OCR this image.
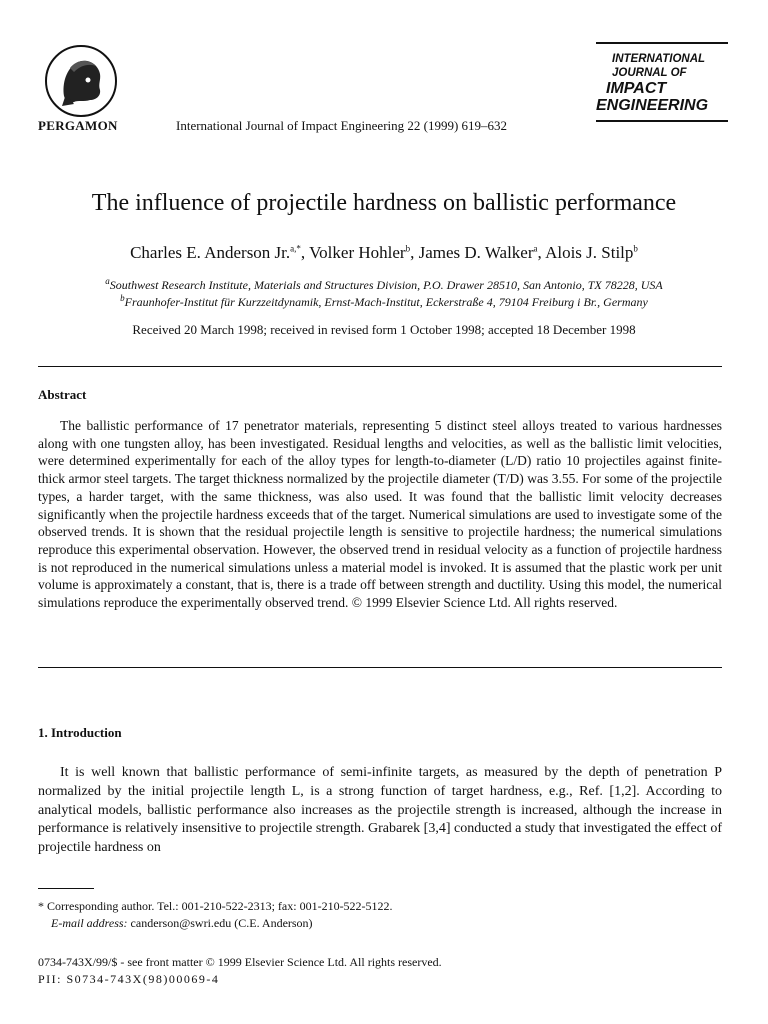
PERGAMON	International Journal of Impact Engineering 22 (1999) 619–632
INTERNATIONAL
JOURNAL OF
IMPACT
ENGINEERING
The influence of projectile hardness on ballistic performance
Charles E. Anderson Jr.$^{a,*}$, Volker Hohler$^b$, James D. Walker$^a$, Alois J. Stilp$^b$
$^a$Southwest Research Institute, Materials and Structures Division, P.O. Drawer 28510, San Antonio, TX 78228, USA
$^b$Fraunhofer-Institut für Kurzzeitdynamik, Ernst-Mach-Institut, Eckerstraße 4, 79104 Freiburg i Br., Germany
Received 20 March 1998; received in revised form 1 October 1998; accepted 18 December 1998
Abstract
The ballistic performance of 17 penetrator materials, representing 5 distinct steel alloys treated to various hardnesses along with one tungsten alloy, has been investigated. Residual lengths and velocities, as well as the ballistic limit velocities, were determined experimentally for each of the alloy types for length-to-diameter (L/D) ratio 10 projectiles against finite-thick armor steel targets. The target thickness normalized by the projectile diameter (T/D) was 3.55. For some of the projectile types, a harder target, with the same thickness, was also used. It was found that the ballistic limit velocity decreases significantly when the projectile hardness exceeds that of the target. Numerical simulations are used to investigate some of the observed trends. It is shown that the residual projectile length is sensitive to projectile hardness; the numerical simulations reproduce this experimental observation. However, the observed trend in residual velocity as a function of projectile hardness is not reproduced in the numerical simulations unless a material model is invoked. It is assumed that the plastic work per unit volume is approximately a constant, that is, there is a trade off between strength and ductility. Using this model, the numerical simulations reproduce the experimentally observed trend. © 1999 Elsevier Science Ltd. All rights reserved.
1. Introduction
It is well known that ballistic performance of semi-infinite targets, as measured by the depth of penetration P normalized by the initial projectile length L, is a strong function of target hardness, e.g., Ref. [1,2]. According to analytical models, ballistic performance also increases as the projectile strength is increased, although the increase in performance is relatively insensitive to projectile strength. Grabarek [3,4] conducted a study that investigated the effect of projectile hardness on
* Corresponding author. Tel.: 001-210-522-2313; fax: 001-210-522-5122.
E-mail address: canderson@swri.edu (C.E. Anderson)
0734-743X/99/$ - see front matter © 1999 Elsevier Science Ltd. All rights reserved.
PII: S0734-743X(98)00069-4
